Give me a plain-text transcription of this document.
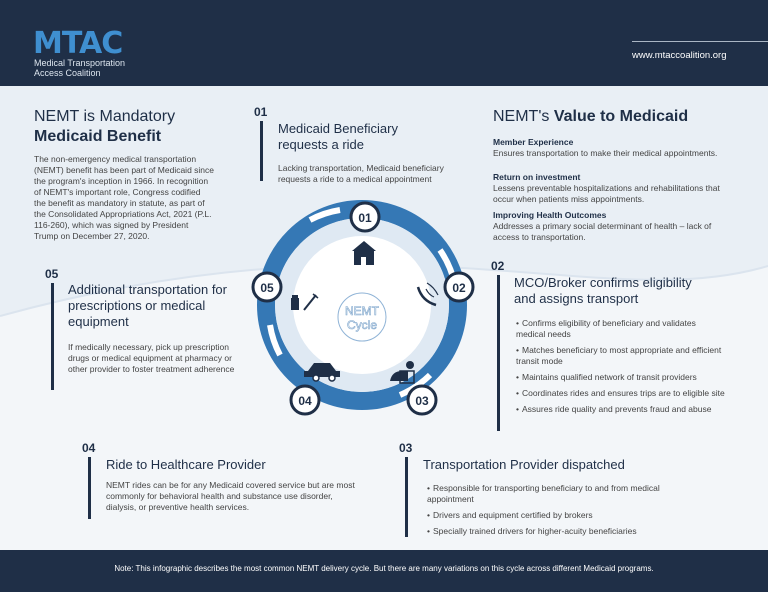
MTAC
Medical Transportation Access Coalition
www.mtaccoalition.org
NEMT is Mandatory
Medicaid Benefit
The non-emergency medical transportation (NEMT) benefit has been part of Medicaid since the program's inception in 1966. In recognition of NEMT's important role, Congress codified the benefit as mandatory in statute, as part of the Consolidated Appropriations Act, 2021 (P.L. 116-260), which was signed by President Trump on December 27, 2020.
NEMT's Value to Medicaid
Member Experience
Ensures transportation to make their medical appointments.
Return on investment
Lessens preventable hospitalizations and rehabilitations that occur when patients miss appointments.
Improving Health Outcomes
Addresses a primary social determinant of health – lack of access to transportation.
01
Medicaid Beneficiary requests a ride
Lacking transportation, Medicaid beneficiary requests a ride to a medical appointment
02
MCO/Broker confirms eligibility and assigns transport
• Confirms eligibility of beneficiary and validates medical needs
• Matches beneficiary to most appropriate and efficient transit mode
• Maintains qualified network of transit providers
• Coordinates rides and ensures trips are to eligible site
• Assures ride quality and prevents fraud and abuse
03
Transportation Provider dispatched
• Responsible for transporting beneficiary to and from medical appointment
• Drivers and equipment certified by brokers
• Specially trained drivers for higher-acuity beneficiaries
04
Ride to Healthcare Provider
NEMT rides can be for any Medicaid covered service but are most commonly for behavioral health and substance use disorder, dialysis, or preventive health services.
05
Additional transportation for prescriptions or medical equipment
If medically necessary, pick up prescription drugs or medical equipment at pharmacy or other provider to foster treatment adherence
NEMT
Cycle
01
02
03
04
05
Note: This infographic describes the most common NEMT delivery cycle. But there are many variations on this cycle across different Medicaid programs.
